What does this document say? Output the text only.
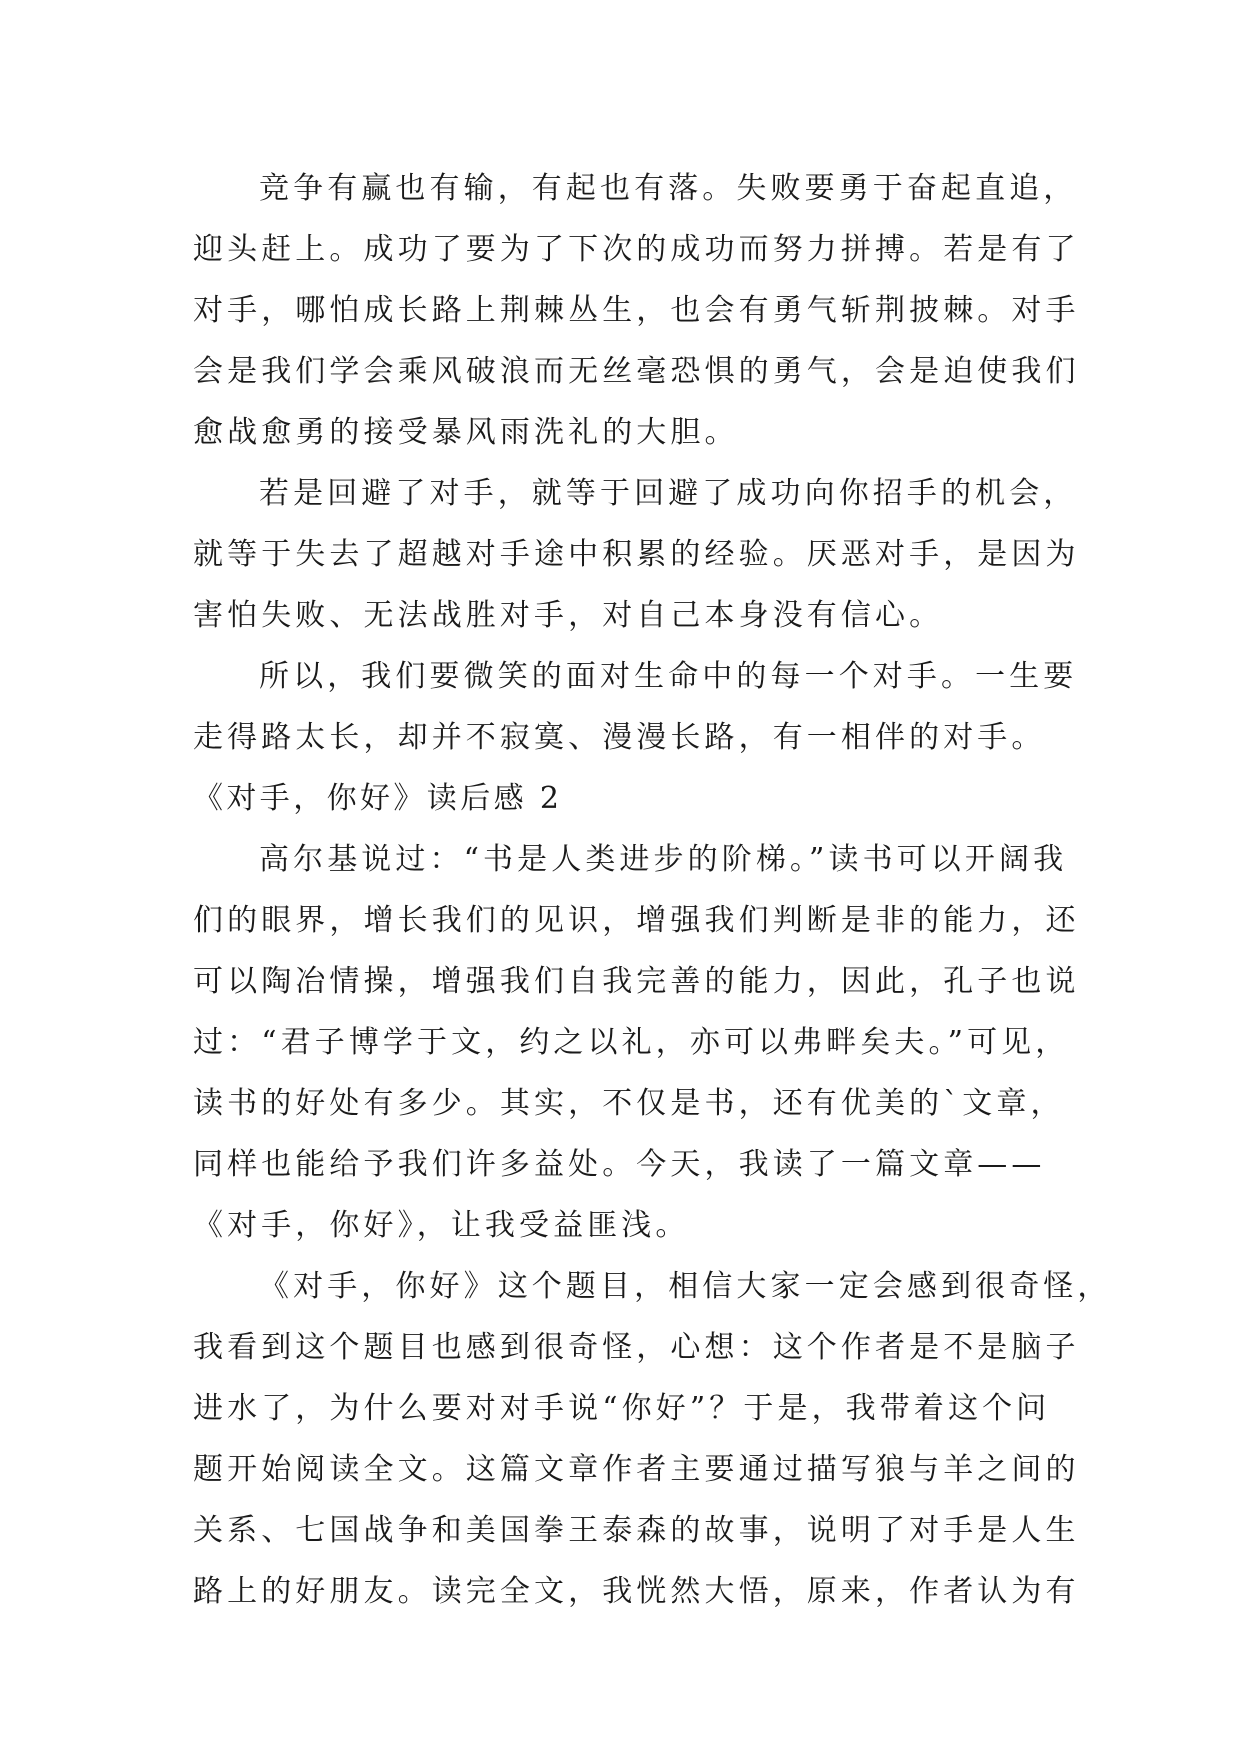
竞争有赢也有输，有起也有落。失败要勇于奋起直追，
迎头赶上。成功了要为了下次的成功而努力拼搏。若是有了
对手，哪怕成长路上荆棘丛生，也会有勇气斩荆披棘。对手
会是我们学会乘风破浪而无丝毫恐惧的勇气，会是迫使我们
愈战愈勇的接受暴风雨洗礼的大胆。
若是回避了对手，就等于回避了成功向你招手的机会，
就等于失去了超越对手途中积累的经验。厌恶对手，是因为
害怕失败、无法战胜对手，对自己本身没有信心。
所以，我们要微笑的面对生命中的每一个对手。一生要
走得路太长，却并不寂寞、漫漫长路，有一相伴的对手。
《对手，你好》读后感 2
高尔基说过：“书是人类进步的阶梯。”读书可以开阔我
们的眼界，增长我们的见识，增强我们判断是非的能力，还
可以陶冶情操，增强我们自我完善的能力，因此，孔子也说
过：“君子博学于文，约之以礼，亦可以弗畔矣夫。”可见，
读书的好处有多少。其实，不仅是书，还有优美的`文章，
同样也能给予我们许多益处。今天，我读了一篇文章——
《对手，你好》，让我受益匪浅。
《对手，你好》这个题目，相信大家一定会感到很奇怪，
我看到这个题目也感到很奇怪，心想：这个作者是不是脑子
进水了，为什么要对对手说“你好”？于是，我带着这个问
题开始阅读全文。这篇文章作者主要通过描写狼与羊之间的
关系、七国战争和美国拳王泰森的故事，说明了对手是人生
路上的好朋友。读完全文，我恍然大悟，原来，作者认为有
